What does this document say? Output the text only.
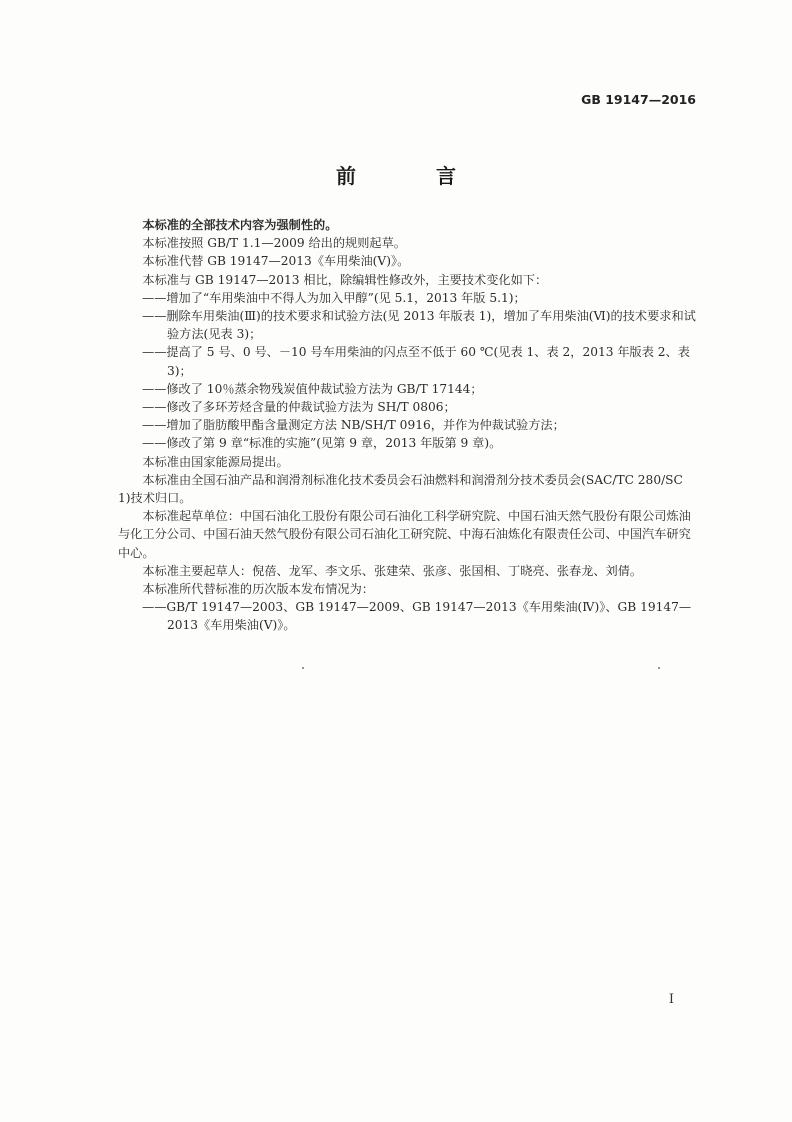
GB 19147—2016
前　言

本标准的全部技术内容为强制性的。

本标准按照 GB/T 1.1—2009 给出的规则起草。

本标准代替 GB 19147—2013《车用柴油(Ⅴ)》。

本标准与 GB 19147—2013 相比，除编辑性修改外，主要技术变化如下：

——增加了“车用柴油中不得人为加入甲醇”(见 5.1，2013 年版 5.1)；

——删除车用柴油(Ⅲ)的技术要求和试验方法(见 2013 年版表 1)，增加了车用柴油(Ⅵ)的技术要求和试验方法(见表 3)；

——提高了 5 号、0 号、－10 号车用柴油的闪点至不低于 60 ℃(见表 1、表 2，2013 年版表 2、表 3)；

——修改了 10％蒸余物残炭值仲裁试验方法为 GB/T 17144；

——修改了多环芳烃含量的仲裁试验方法为 SH/T 0806；

——增加了脂肪酸甲酯含量测定方法 NB/SH/T 0916，并作为仲裁试验方法；

——修改了第 9 章“标准的实施”(见第 9 章，2013 年版第 9 章)。

本标准由国家能源局提出。

本标准由全国石油产品和润滑剂标准化技术委员会石油燃料和润滑剂分技术委员会(SAC/TC 280/SC 1)技术归口。

本标准起草单位：中国石油化工股份有限公司石油化工科学研究院、中国石油天然气股份有限公司炼油与化工分公司、中国石油天然气股份有限公司石油化工研究院、中海石油炼化有限责任公司、中国汽车研究中心。

本标准主要起草人：倪蓓、龙军、李文乐、张建荣、张彦、张国相、丁晓亮、张春龙、刘倩。

本标准所代替标准的历次版本发布情况为：

——GB/T 19147—2003、GB 19147—2009、GB 19147—2013《车用柴油(Ⅳ)》、GB 19147—2013《车用柴油(Ⅴ)》。

Ⅰ
